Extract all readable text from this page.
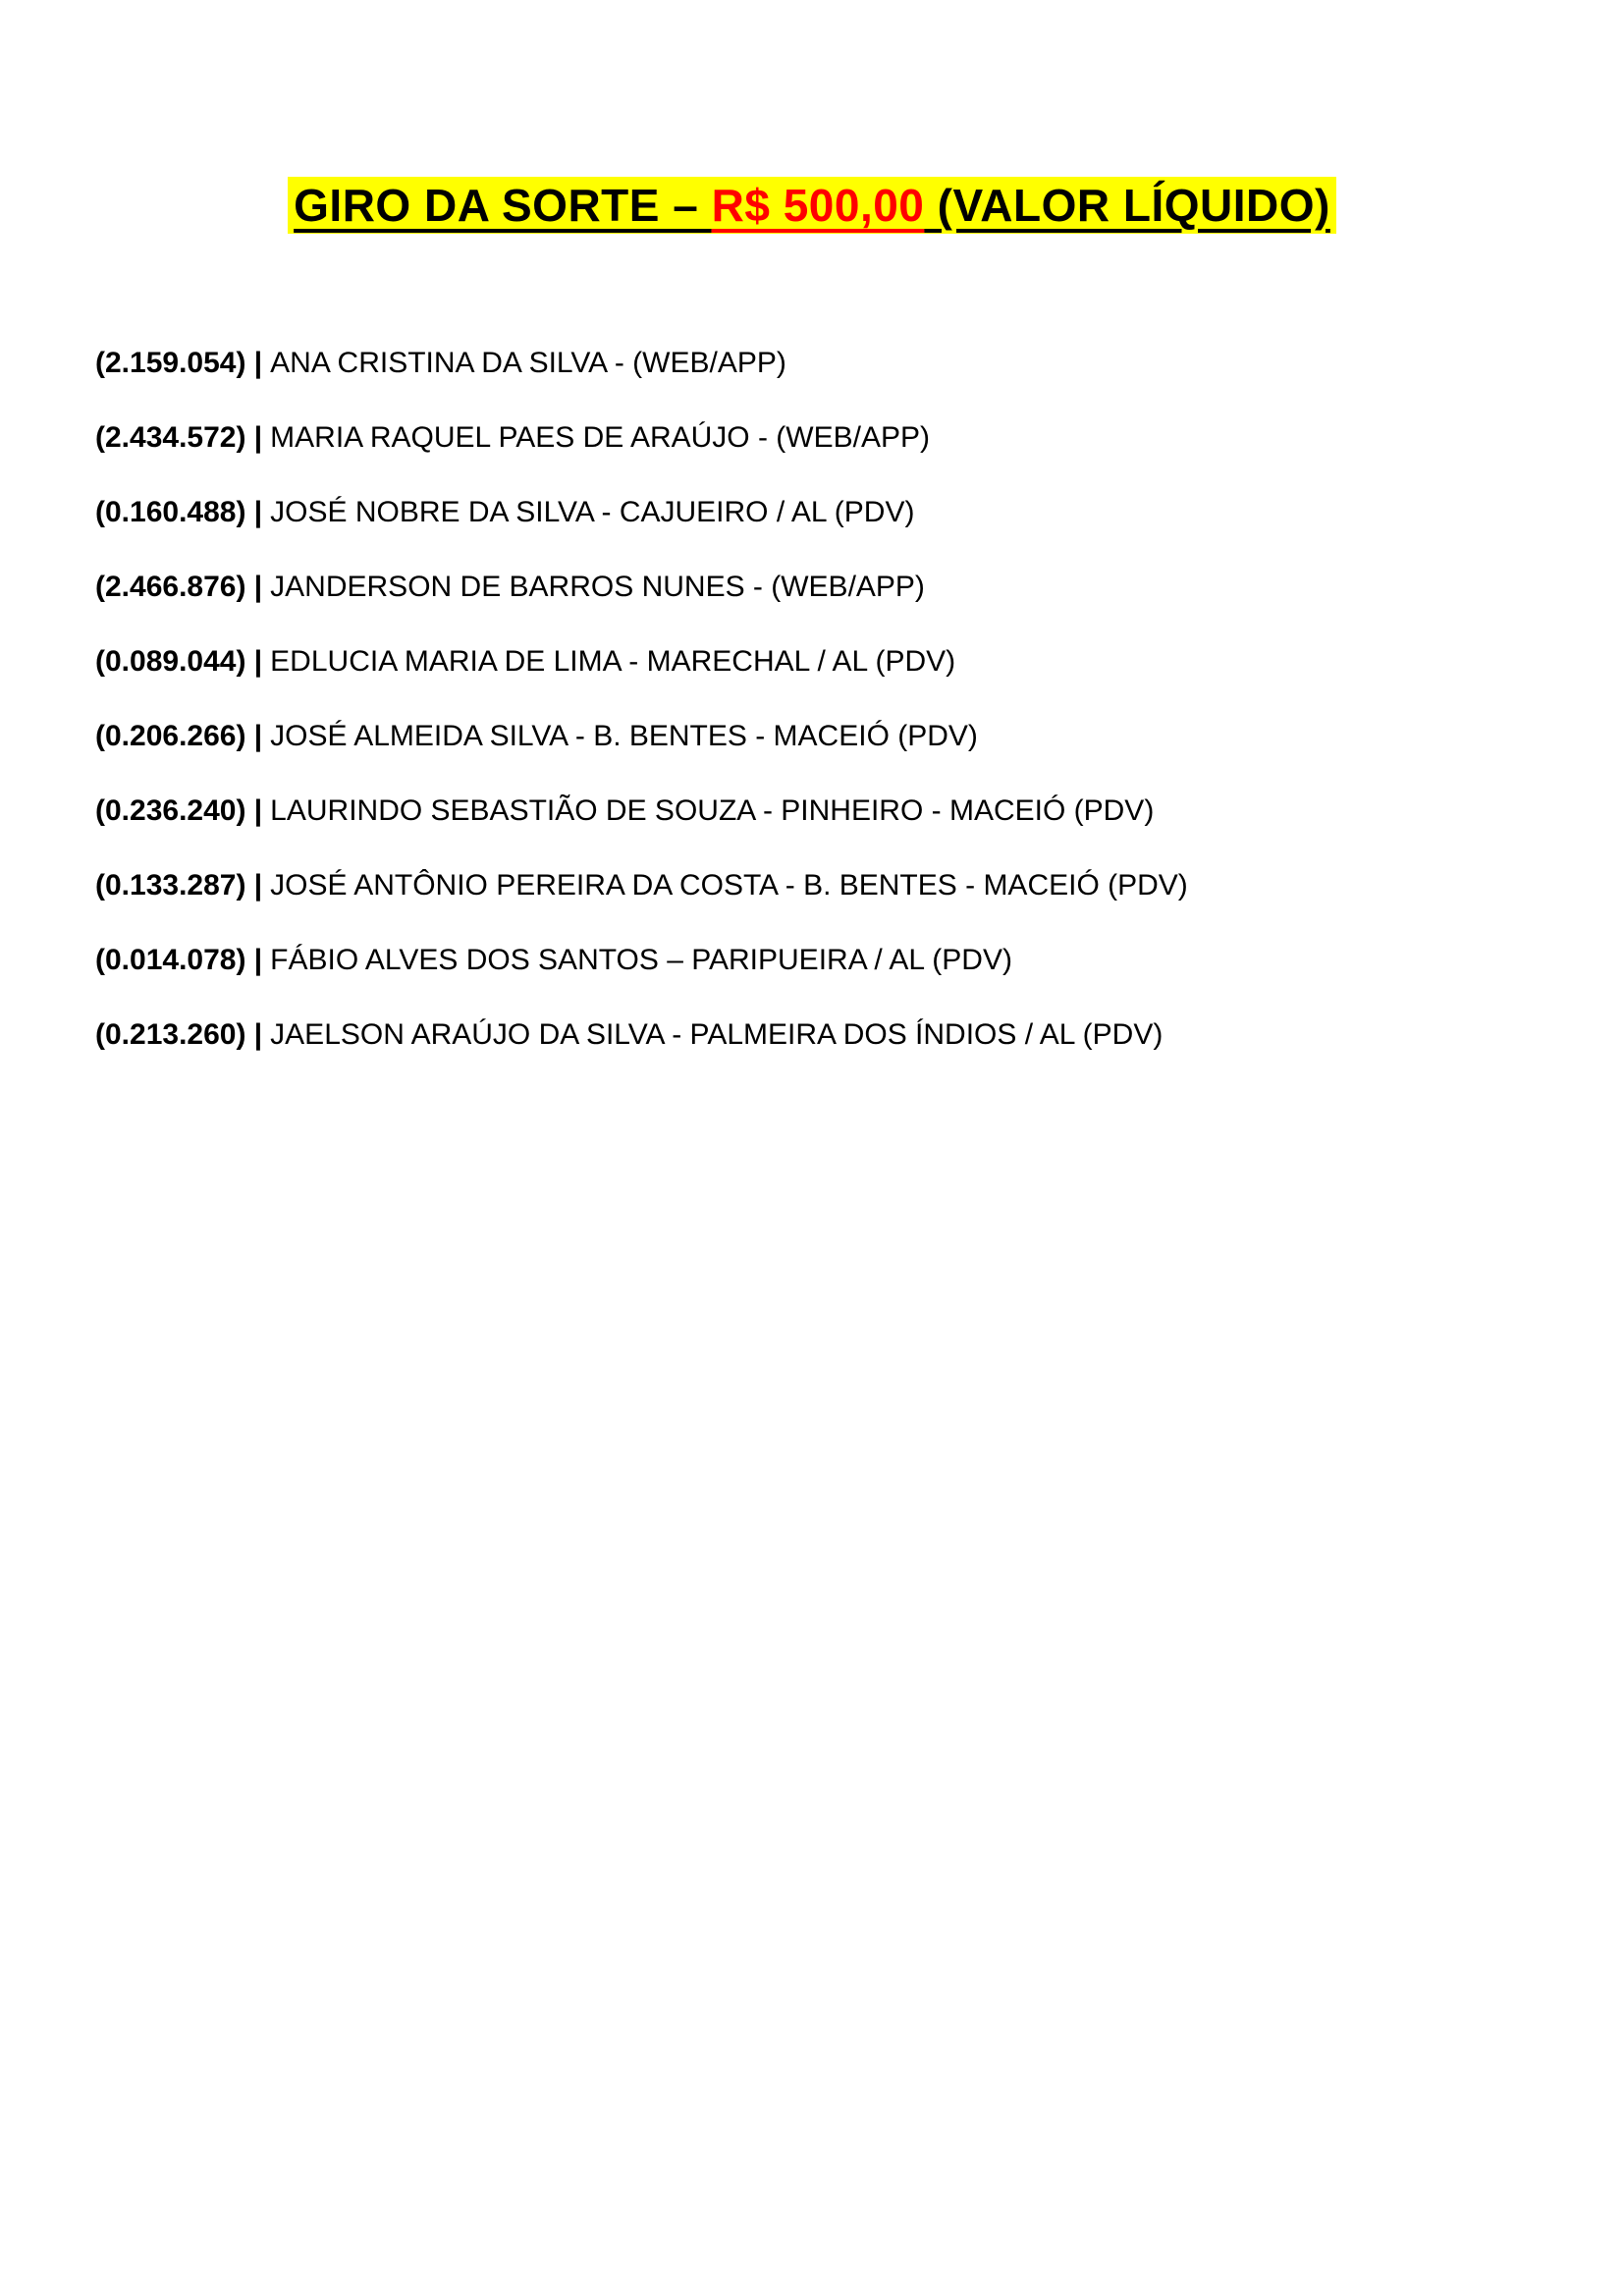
GIRO DA SORTE – R$ 500,00 (VALOR LÍQUIDO)
(2.159.054) | ANA CRISTINA DA SILVA - (WEB/APP)
(2.434.572) | MARIA RAQUEL PAES DE ARAÚJO - (WEB/APP)
(0.160.488) | JOSÉ NOBRE DA SILVA - CAJUEIRO / AL (PDV)
(2.466.876) | JANDERSON DE BARROS NUNES - (WEB/APP)
(0.089.044) | EDLUCIA MARIA DE LIMA - MARECHAL / AL (PDV)
(0.206.266) | JOSÉ ALMEIDA SILVA - B. BENTES - MACEIÓ (PDV)
(0.236.240) | LAURINDO SEBASTIÃO DE SOUZA - PINHEIRO - MACEIÓ (PDV)
(0.133.287) | JOSÉ ANTÔNIO PEREIRA DA COSTA - B. BENTES - MACEIÓ (PDV)
(0.014.078) | FÁBIO ALVES DOS SANTOS – PARIPUEIRA / AL (PDV)
(0.213.260) | JAELSON ARAÚJO DA SILVA - PALMEIRA DOS ÍNDIOS / AL (PDV)
